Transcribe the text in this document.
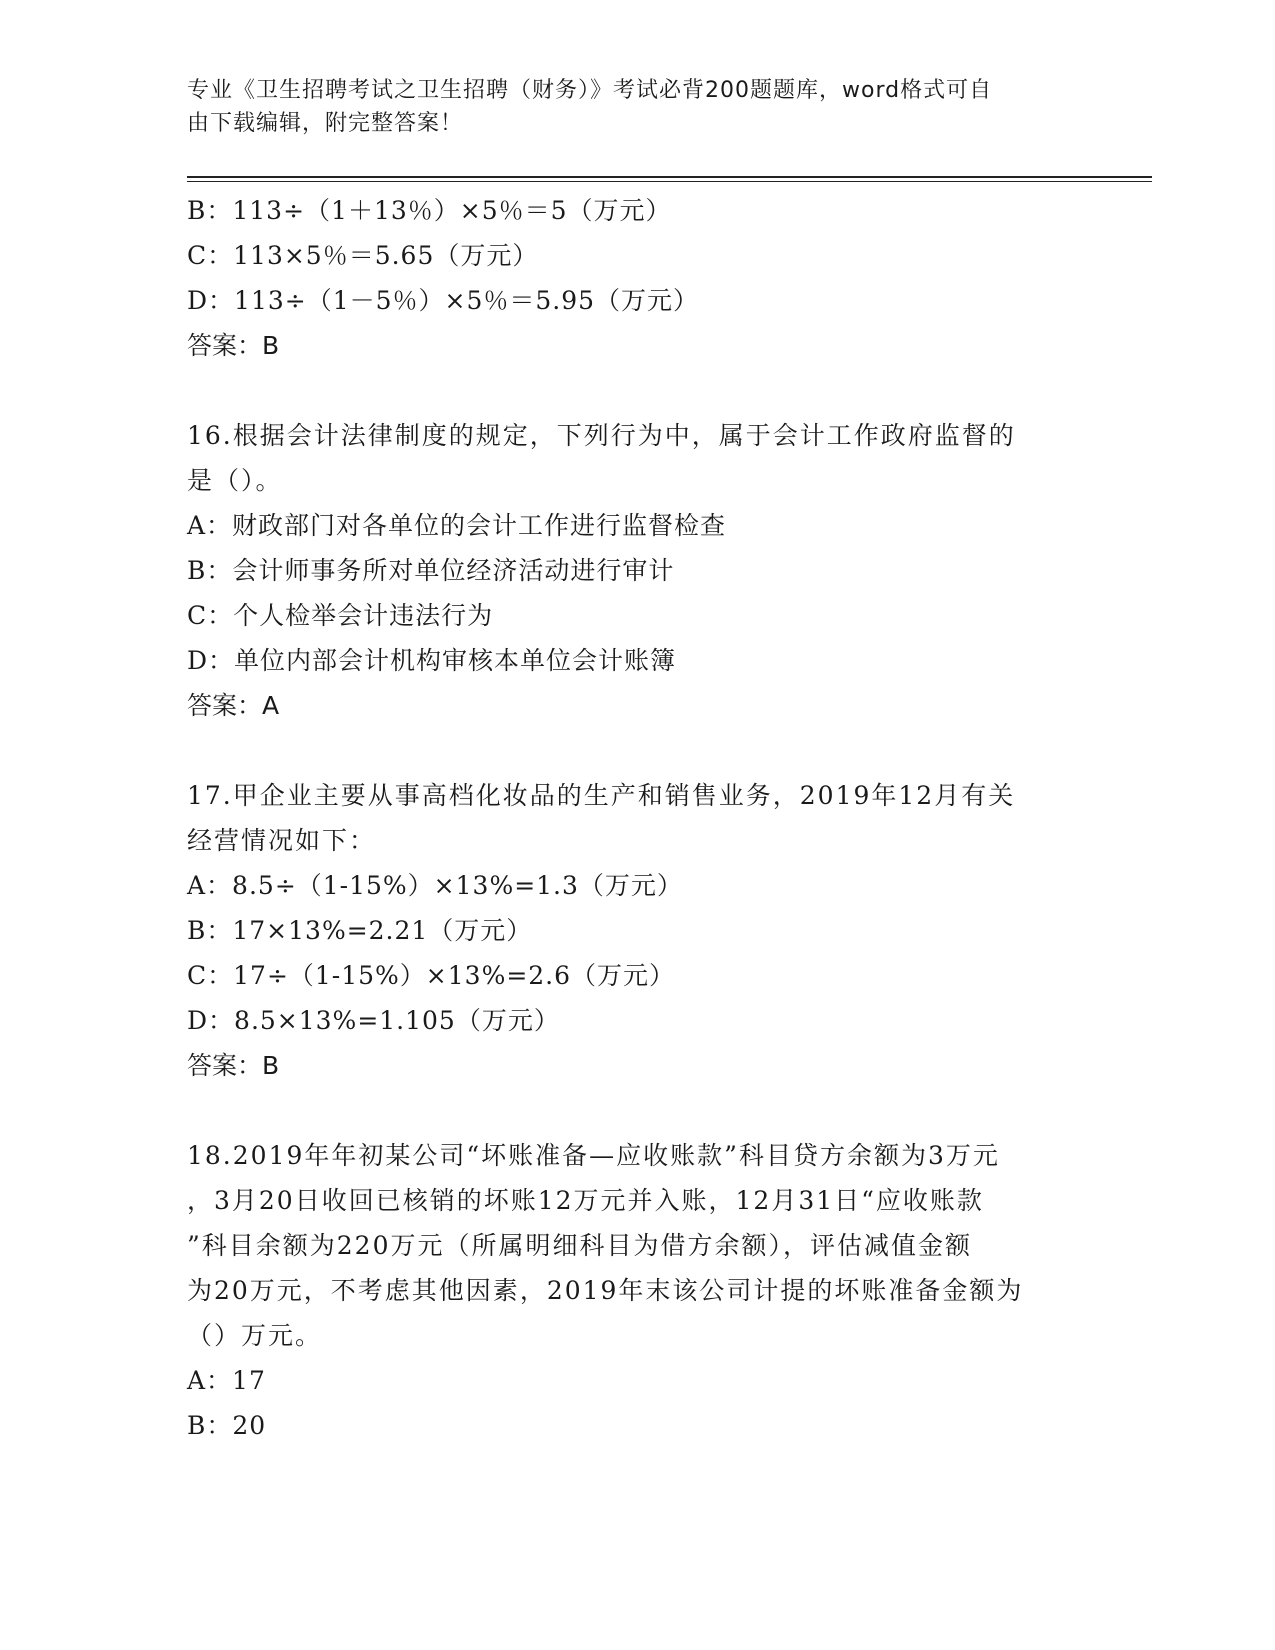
专业《卫生招聘考试之卫生招聘（财务）》考试必背200题题库，word格式可自
由下载编辑，附完整答案！
B：113÷（1＋13％）×5％＝5（万元）
C：113×5％＝5.65（万元）
D：113÷（1－5％）×5％＝5.95（万元）
答案：B
16.根据会计法律制度的规定，下列行为中，属于会计工作政府监督的
是（）。
A：财政部门对各单位的会计工作进行监督检查
B：会计师事务所对单位经济活动进行审计
C：个人检举会计违法行为
D：单位内部会计机构审核本单位会计账簿
答案：A
17.甲企业主要从事高档化妆品的生产和销售业务，2019年12月有关
经营情况如下：
A：8.5÷（1-15%）×13%=1.3（万元）
B：17×13%=2.21（万元）
C：17÷（1-15%）×13%=2.6（万元）
D：8.5×13%=1.105（万元）
答案：B
18.2019年年初某公司“坏账准备—应收账款”科目贷方余额为3万元
，3月20日收回已核销的坏账12万元并入账，12月31日“应收账款
”科目余额为220万元（所属明细科目为借方余额），评估减值金额
为20万元，不考虑其他因素，2019年末该公司计提的坏账准备金额为
（）万元。
A：17
B：20
